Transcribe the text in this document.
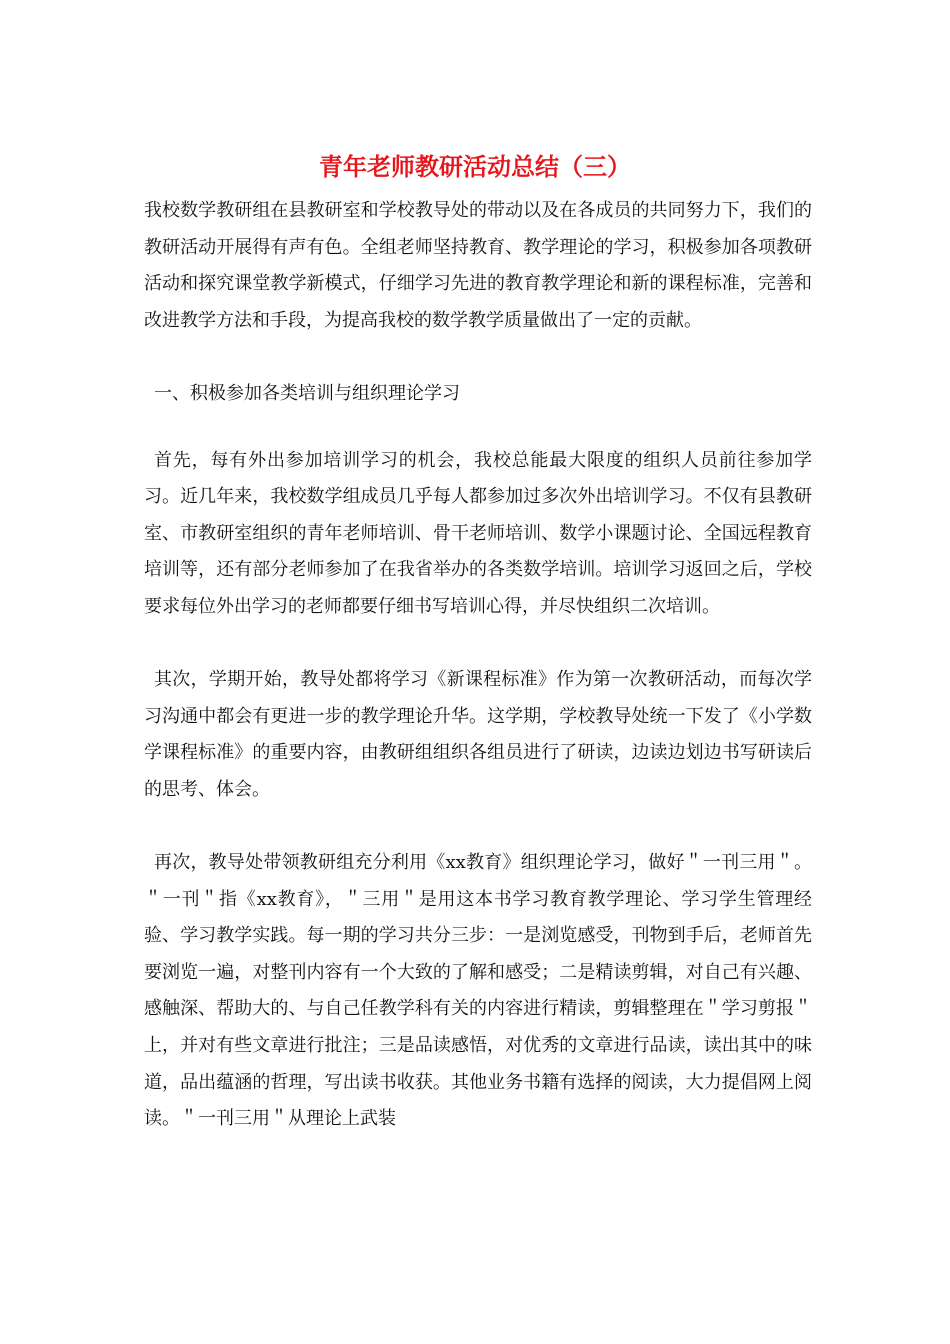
青年老师教研活动总结（三）

我校数学教研组在县教研室和学校教导处的带动以及在各成员的共同努力下，我们的教研活动开展得有声有色。全组老师坚持教育、教学理论的学习，积极参加各项教研活动和探究课堂教学新模式，仔细学习先进的教育教学理论和新的课程标准，完善和改进教学方法和手段，为提高我校的数学教学质量做出了一定的贡献。

一、积极参加各类培训与组织理论学习

首先，每有外出参加培训学习的机会，我校总能最大限度的组织人员前往参加学习。近几年来，我校数学组成员几乎每人都参加过多次外出培训学习。不仅有县教研室、市教研室组织的青年老师培训、骨干老师培训、数学小课题讨论、全国远程教育培训等，还有部分老师参加了在我省举办的各类数学培训。培训学习返回之后，学校要求每位外出学习的老师都要仔细书写培训心得，并尽快组织二次培训。

其次，学期开始，教导处都将学习《新课程标准》作为第一次教研活动，而每次学习沟通中都会有更进一步的教学理论升华。这学期，学校教导处统一下发了《小学数学课程标准》的重要内容，由教研组组织各组员进行了研读，边读边划边书写研读后的思考、体会。

再次，教导处带领教研组充分利用《xx教育》组织理论学习，做好＂一刊三用＂。＂一刊＂指《xx教育》，＂三用＂是用这本书学习教育教学理论、学习学生管理经验、学习教学实践。每一期的学习共分三步：一是浏览感受，刊物到手后，老师首先要浏览一遍，对整刊内容有一个大致的了解和感受；二是精读剪辑，对自己有兴趣、感触深、帮助大的、与自己任教学科有关的内容进行精读，剪辑整理在＂学习剪报＂上，并对有些文章进行批注；三是品读感悟，对优秀的文章进行品读，读出其中的味道，品出蕴涵的哲理，写出读书收获。其他业务书籍有选择的阅读，大力提倡网上阅读。＂一刊三用＂从理论上武装
